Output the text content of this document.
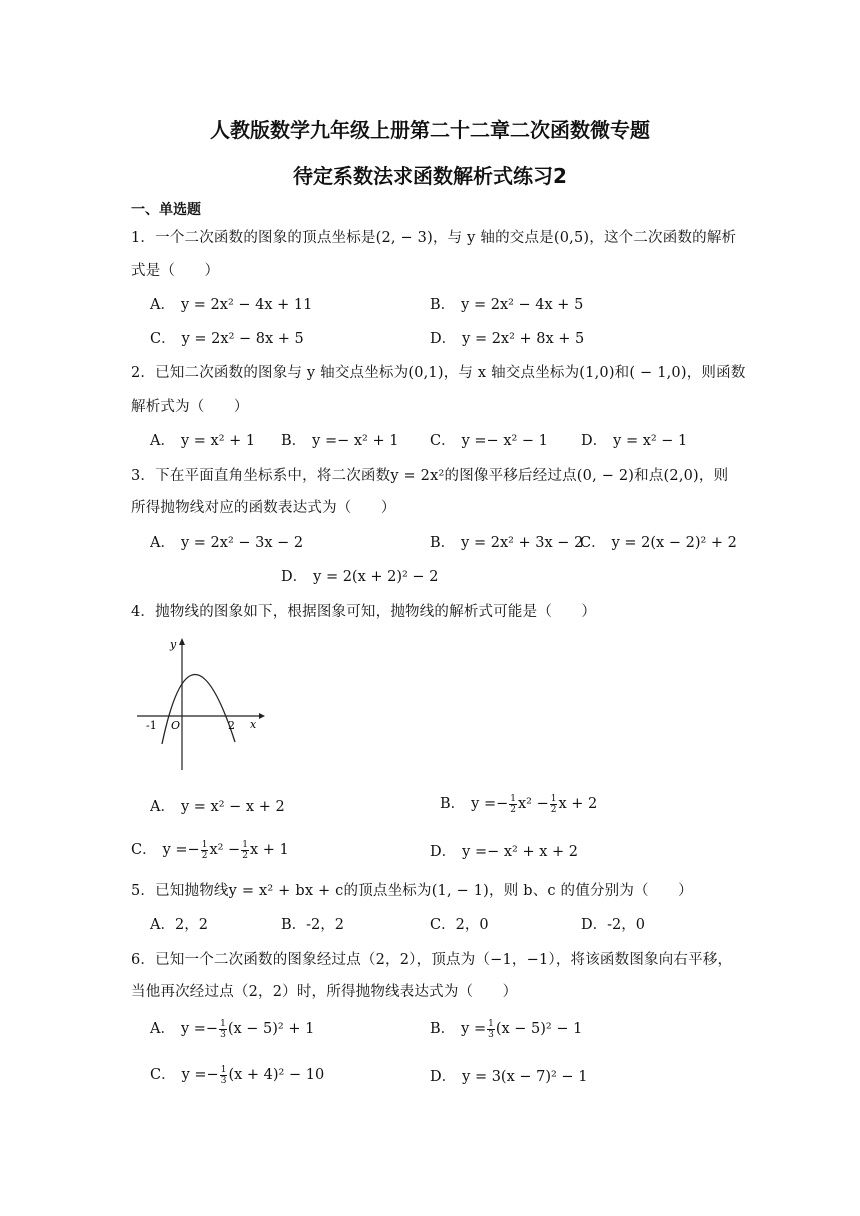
人教版数学九年级上册第二十二章二次函数微专题
待定系数法求函数解析式练习2
一、单选题
1．一个二次函数的图象的顶点坐标是(2, − 3)，与 y 轴的交点是(0,5)，这个二次函数的解析
式是（　　）
A． y = 2x² − 4x + 11	B． y = 2x² − 4x + 5
C． y = 2x² − 8x + 5	D． y = 2x² + 8x + 5
2．已知二次函数的图象与 y 轴交点坐标为(0,1)，与 x 轴交点坐标为(1,0)和( − 1,0)，则函数
解析式为（　　）
A． y = x² + 1 B． y =− x² + 1 C． y =− x² − 1 D． y = x² − 1
3．下在平面直角坐标系中，将二次函数y = 2x²的图像平移后经过点(0, − 2)和点(2,0)，则
所得抛物线对应的函数表达式为（　　）
A． y = 2x² − 3x − 2	B． y = 2x² + 3x − 2
C． y = 2(x − 2)² + 2
D． y = 2(x + 2)² − 2
4．抛物线的图象如下，根据图象可知，抛物线的解析式可能是（　　）
y
x
O
-1	2
A． y = x² − x + 2	B． $y =- \frac{1}{2} x^2 - \frac{1}{2}$ x + 2
C． $y =- \frac{1}{2} x^2 - \frac{1}{2}$ x + 1	D． y =− x² + x + 2
5．已知抛物线y = x² + bx + c的顶点坐标为(1, − 1)，则 b、c 的值分别为（　　）
A．2，2	B．-2，2	C．2，0	D．-2，0
6．已知一个二次函数的图象经过点（2，2），顶点为（−1，−1），将该函数图象向右平移，
当他再次经过点（2，2）时，所得抛物线表达式为（　　）
A． $y =- \frac{1}{3} (x - 5)^2 + 1$	B． $y = \frac{1}{3} (x - 5)^2 - 1$
C． $y =- \frac{1}{3} (x + 4)^2 - 10$	D． y = 3(x − 7)² − 1
